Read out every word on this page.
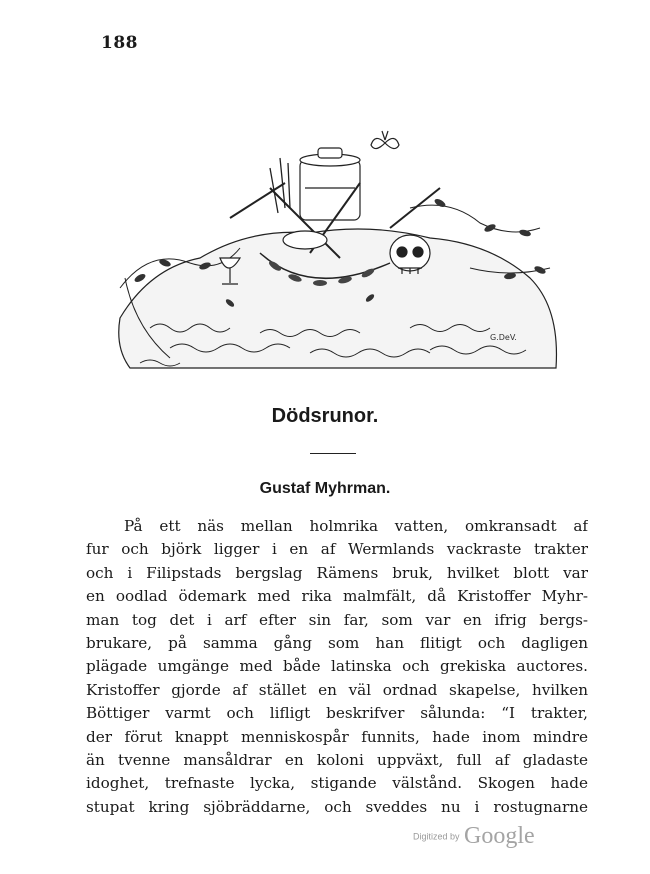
188
G.DeV.
Dödsrunor.
Gustaf Myhrman.
På ett näs mellan holmrika vatten, omkransadt af
fur och björk ligger i en af Wermlands vackraste trakter
och i Filipstads bergslag Rämens bruk, hvilket blott var
en oodlad ödemark med rika malmfält, då Kristoffer Myhr-
man tog det i arf efter sin far, som var en ifrig bergs-
brukare, på samma gång som han flitigt och dagligen
plägade umgänge med både latinska och grekiska auctores.
Kristoffer gjorde af stället en väl ordnad skapelse, hvilken
Böttiger varmt och lifligt beskrifver sålunda: “I trakter,
der förut knappt menniskospår funnits, hade inom mindre
än tvenne mansåldrar en koloni uppväxt, full af gladaste
idoghet, trefnaste lycka, stigande välstånd. Skogen hade
stupat kring sjöbräddarne, och sveddes nu i rostugnarne
Digitized by Google
